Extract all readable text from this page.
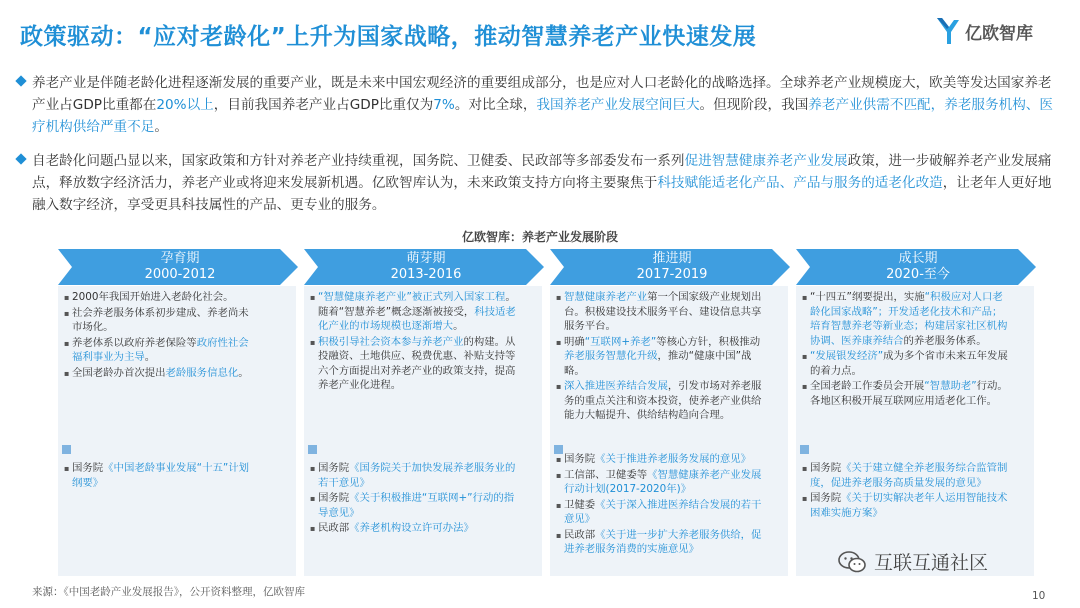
政策驱动：“应对老龄化”上升为国家战略，推动智慧养老产业快速发展	亿欧智库
养老产业是伴随老龄化进程逐渐发展的重要产业，既是未来中国宏观经济的重要组成部分，也是应对人口老龄化的战略选择。全球养老产业规模庞大，欧美等发达国家养老产业占GDP比重都在20%以上，目前我国养老产业占GDP比重仅为7%。对比全球，我国养老产业发展空间巨大。但现阶段，我国养老产业供需不匹配，养老服务机构、医疗机构供给严重不足。
自老龄化问题凸显以来，国家政策和方针对养老产业持续重视，国务院、卫健委、民政部等多部委发布一系列促进智慧健康养老产业发展政策，进一步破解养老产业发展痛点，释放数字经济活力，养老产业或将迎来发展新机遇。亿欧智库认为，未来政策支持方向将主要聚焦于科技赋能适老化产品、产品与服务的适老化改造，让老年人更好地融入数字经济，享受更具科技属性的产品、更专业的服务。
亿欧智库：养老产业发展阶段
孕育期
2000-2012
萌芽期
2013-2016
推进期
2017-2019
成长期
2020-至今
• 2000年我国开始进入老龄化社会。
• 社会养老服务体系初步建成、养老尚未市场化。
• 养老体系以政府养老保险等政府性社会福利事业为主导。
• 全国老龄办首次提出老龄服务信息化。
• 国务院《中国老龄事业发展“十五”计划纲要》
• “智慧健康养老产业”被正式列入国家工程。随着“智慧养老”概念逐渐被接受，科技适老化产业的市场规模也逐渐增大。
• 积极引导社会资本参与养老产业的构建。从投融资、土地供应、税费优惠、补贴支持等六个方面提出对养老产业的政策支持，提高养老产业化进程。
• 国务院《国务院关于加快发展养老服务业的若干意见》
• 国务院《关于积极推进“互联网+”行动的指导意见》
• 民政部《养老机构设立许可办法》
• 智慧健康养老产业第一个国家级产业规划出台。积极建设技术服务平台、建设信息共享服务平台。
• 明确“互联网+养老”等核心方针，积极推动养老服务智慧化升级，推动“健康中国”战略。
• 深入推进医养结合发展，引发市场对养老服务的重点关注和资本投资，使养老产业供给能力大幅提升、供给结构趋向合理。
• 国务院《关于推进养老服务发展的意见》
• 工信部、卫健委等《智慧健康养老产业发展行动计划(2017-2020年)》
• 卫健委《关于深入推进医养结合发展的若干意见》
• 民政部《关于进一步扩大养老服务供给，促进养老服务消费的实施意见》
• “十四五”纲要提出，实施“积极应对人口老龄化国家战略”；开发适老化技术和产品；培育智慧养老等新业态；构建居家社区机构协调、医养康养结合的养老服务体系。
• “发展银发经济”成为多个省市未来五年发展的着力点。
• 全国老龄工作委员会开展“智慧助老”行动。各地区积极开展互联网应用适老化工作。
• 国务院《关于建立健全养老服务综合监管制度，促进养老服务高质量发展的意见》
• 国务院《关于切实解决老年人运用智能技术困难实施方案》
互联互通社区
来源：《中国老龄产业发展报告》，公开资料整理，亿欧智库	10
